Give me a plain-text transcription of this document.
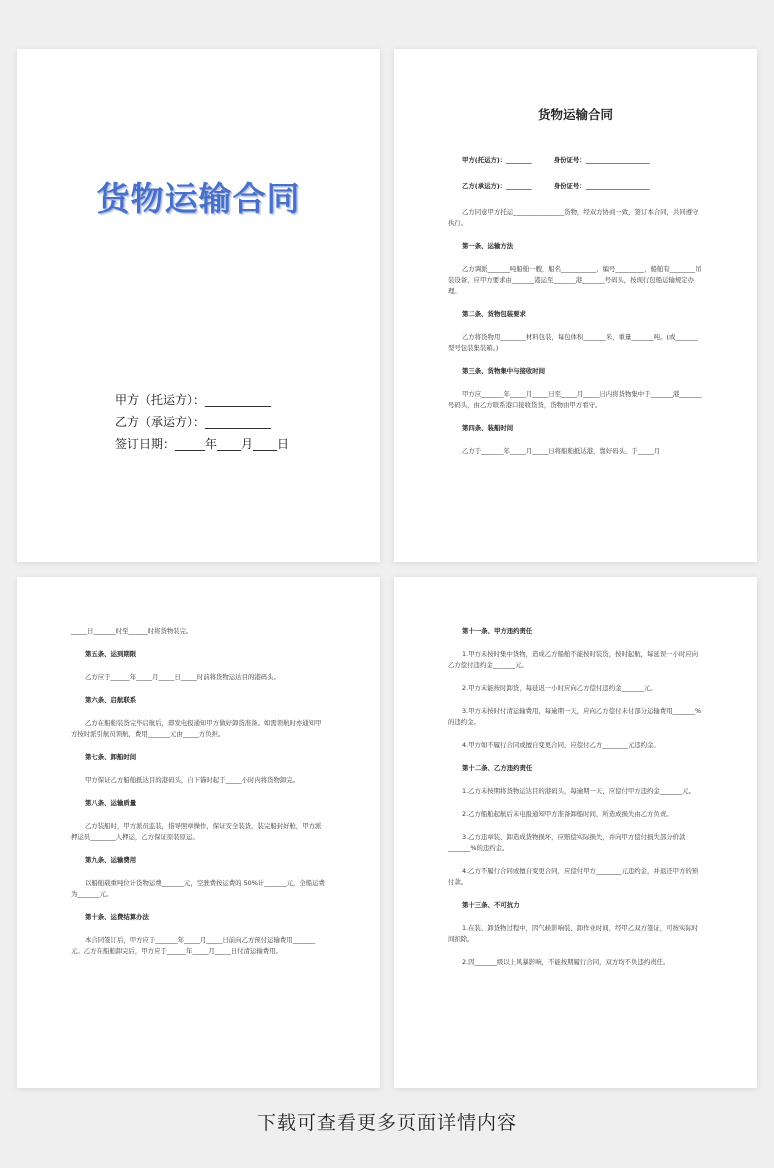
货物运输合同
甲方（托运方）：___________
乙方（承运方）：___________
签订日期：_____年____月____日
货物运输合同

甲方(托运方)：________	身份证号：____________________

乙方(承运方)：________	身份证号：____________________

乙方同意甲方托运________________货物，经双方协商一致，签订本合同，共同遵守执行。

第一条、运输方法

乙方调派_______吨船舶一艘，船名___________，编号_________，船舶有________吊装设备，应甲方要求由_______港运至_______港_______号码头，按现行包船运输规定办理。

第二条、货物包装要求

乙方将货物用________材料包装，每包体积_______米，重量_______吨。(或_______型号包装集装箱。)

第三条、货物集中与接收时间

甲方应_______年_____月_____日至_____月_____日内将货物集中于_______港_______号码头，由乙方联系港口接收货货，货物由甲方看守。

第四条、装船时间

乙方于_______年_____月_____日将船舶抵达港，靠好码头，于_____月

_____日_______时至______时将货物装完。

第五条、运到期限

乙方应于______年_____月_____日_____时前将货物运达目的港码头。

第六条、启航联系

乙方在船舶装货完毕启航后，即发电报通知甲方做好卸货准备。如需领航时亦通知甲方按时派引航员领航，费用_______元由_____方负担。

第七条、卸船时间

甲方保证乙方船舶抵达目的港码头，自下锚时起于_____小时内将货物卸完。

第八条、运输质量

乙方装船时，甲方派员监装，指导照章操作，保证安全装货，装完船封好舱，甲方派押运员________人押运，乙方保证原装原运。

第九条、运输费用

以船舶载重吨位计货物运费_______元，空驶费按运费的 50%计_______元，全船运费为_______元。

第十条、运费结算办法

本合同签订后，甲方应于_______年_____月_____日前向乙方预付运输费用_______元。乙方在船舶卸完后，甲方应于______年_____月_____日付清运输费用。

第十一条、甲方违约责任

1.甲方未按时集中货物，造成乙方船舶不能按时装货，按时起航，每延误一小时应向乙方偿付违约金_______元。

2.甲方未能按时卸货，每延迟一小时应向乙方偿付违约金_______元。

3.甲方未按时付清运输费用，每逾期一天，应向乙方偿付未付部分运输费用_______%的违约金。

4.甲方如不履行合同或擅自变更合同，应偿付乙方________元违约金。

第十二条、乙方违约责任

1.乙方未按期将货物运达目的港码头，每逾期一天，应偿付甲方违约金_______元。

2.乙方船舶起航后未电报通知甲方准备卸船时间，所造成损失由乙方负责。

3.乙方违章装、卸造成货物损坏，应赔偿实际损失，并向甲方偿付损失部分价款_______%的违约金。

4.乙方不履行合同或擅自变更合同，应偿付甲方________元违约金，并退还甲方的预付款。

第十三条、不可抗力

1.在装、卸货物过程中，因气候影响装、卸作业时间，经甲乙双方签证，可按实际时间扣除。

2.因_______级以上风暴影响，不能按期履行合同，双方均不负违约责任。

下载可查看更多页面详情内容
